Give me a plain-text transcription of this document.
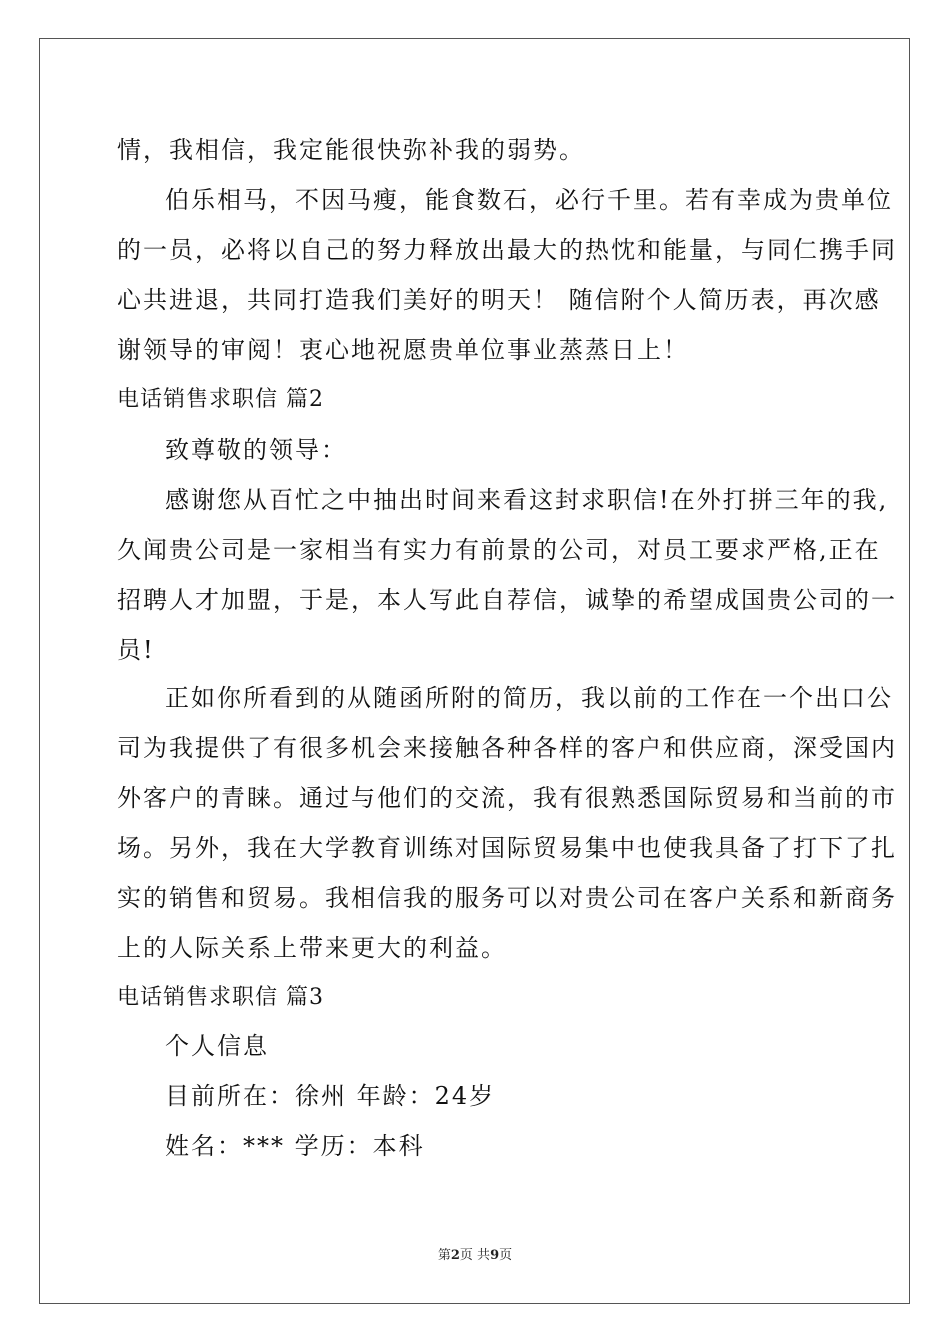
情，我相信，我定能很快弥补我的弱势。
伯乐相马，不因马瘦，能食数石，必行千里。若有幸成为贵单位
的一员，必将以自己的努力释放出最大的热忱和能量，与同仁携手同
心共进退，共同打造我们美好的明天！ 随信附个人简历表，再次感
谢领导的审阅！衷心地祝愿贵单位事业蒸蒸日上！
电话销售求职信 篇2
致尊敬的领导：
感谢您从百忙之中抽出时间来看这封求职信!在外打拼三年的我,
久闻贵公司是一家相当有实力有前景的公司，对员工要求严格,正在
招聘人才加盟，于是，本人写此自荐信，诚挚的希望成国贵公司的一
员!
正如你所看到的从随函所附的简历，我以前的工作在一个出口公
司为我提供了有很多机会来接触各种各样的客户和供应商，深受国内
外客户的青睐。通过与他们的交流，我有很熟悉国际贸易和当前的市
场。另外，我在大学教育训练对国际贸易集中也使我具备了打下了扎
实的销售和贸易。我相信我的服务可以对贵公司在客户关系和新商务
上的人际关系上带来更大的利益。
电话销售求职信 篇3
个人信息
目前所在：徐州 年龄：24岁
姓名：*** 学历：本科
第2页 共9页
